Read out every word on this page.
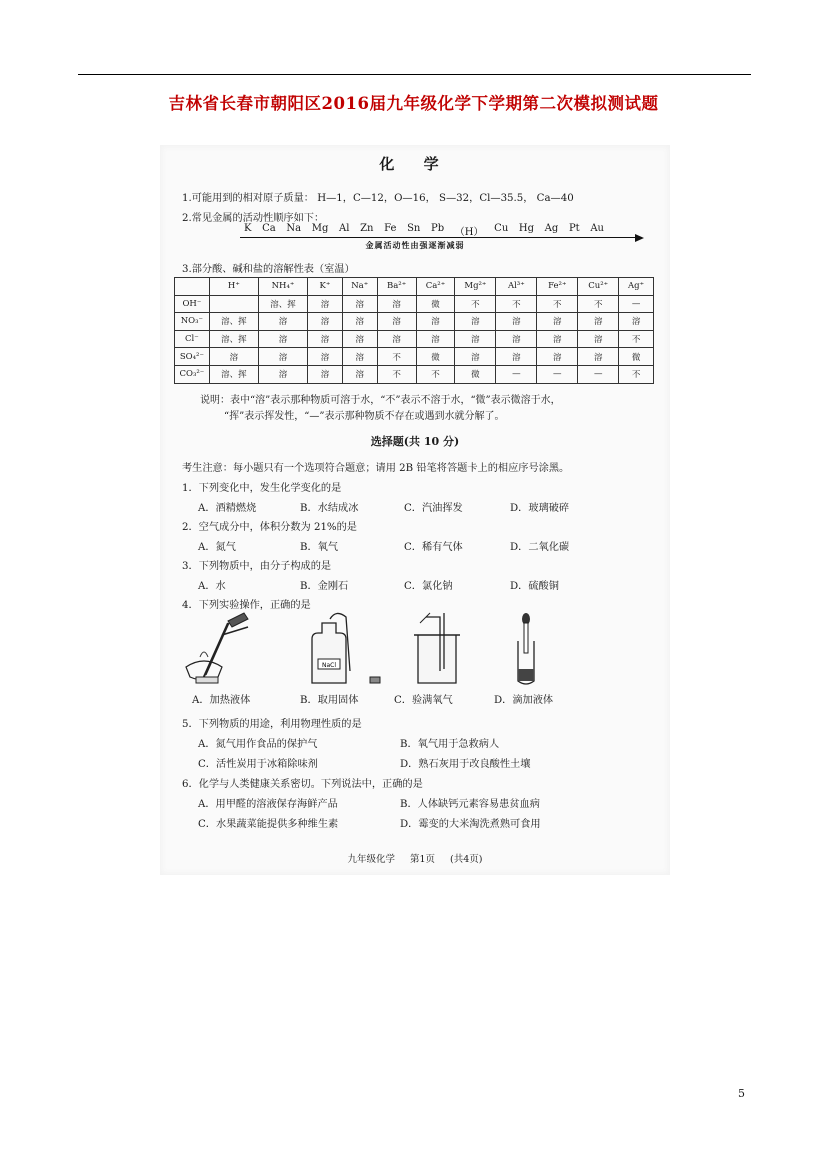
吉林省长春市朝阳区2016届九年级化学下学期第二次模拟测试题
化 学
1.可能用到的相对原子质量： H—1，C—12，O—16， S—32，Cl—35.5， Ca—40
2.常见金属的活动性顺序如下：
K Ca Na Mg Al Zn Fe Sn Pb （H） Cu Hg Ag Pt Au
金属活动性由强逐渐减弱
3.部分酸、碱和盐的溶解性表（室温）
	H⁺	NH₄⁺	K⁺	Na⁺	Ba²⁺	Ca²⁺	Mg²⁺	Al³⁺	Fe²⁺	Cu²⁺	Ag⁺
OH⁻		溶、挥	溶	溶	溶	微	不	不	不	不	—
NO₃⁻	溶、挥	溶	溶	溶	溶	溶	溶	溶	溶	溶	溶
Cl⁻	溶、挥	溶	溶	溶	溶	溶	溶	溶	溶	溶	不
SO₄²⁻	溶	溶	溶	溶	不	微	溶	溶	溶	溶	微
CO₃²⁻	溶、挥	溶	溶	溶	不	不	微	—	—	—	不
说明：表中“溶”表示那种物质可溶于水，“不”表示不溶于水，“微”表示微溶于水，
“挥”表示挥发性，“—”表示那种物质不存在或遇到水就分解了。
选择题(共 10 分)
考生注意：每小题只有一个选项符合题意；请用 2B 铅笔将答题卡上的相应序号涂黑。
1．下列变化中，发生化学变化的是
A．酒精燃烧	B．水结成冰	C．汽油挥发	D．玻璃破碎
2．空气成分中，体积分数为 21%的是
A．氮气	B．氧气	C．稀有气体	D．二氧化碳
3．下列物质中，由分子构成的是
A．水	B．金刚石	C．氯化钠	D．硫酸铜
4．下列实验操作，正确的是
A．加热液体
NaCl
B．取用固体	C．验满氧气	D．滴加液体
5．下列物质的用途，利用物理性质的是
A．氮气用作食品的保护气	B．氧气用于急救病人
C．活性炭用于冰箱除味剂	D．熟石灰用于改良酸性土壤
6．化学与人类健康关系密切。下列说法中，正确的是
A．用甲醛的溶液保存海鲜产品	B．人体缺钙元素容易患贫血病
C．水果蔬菜能提供多种维生素	D．霉变的大米淘洗煮熟可食用
九年级化学 第1页 (共4页)
5
